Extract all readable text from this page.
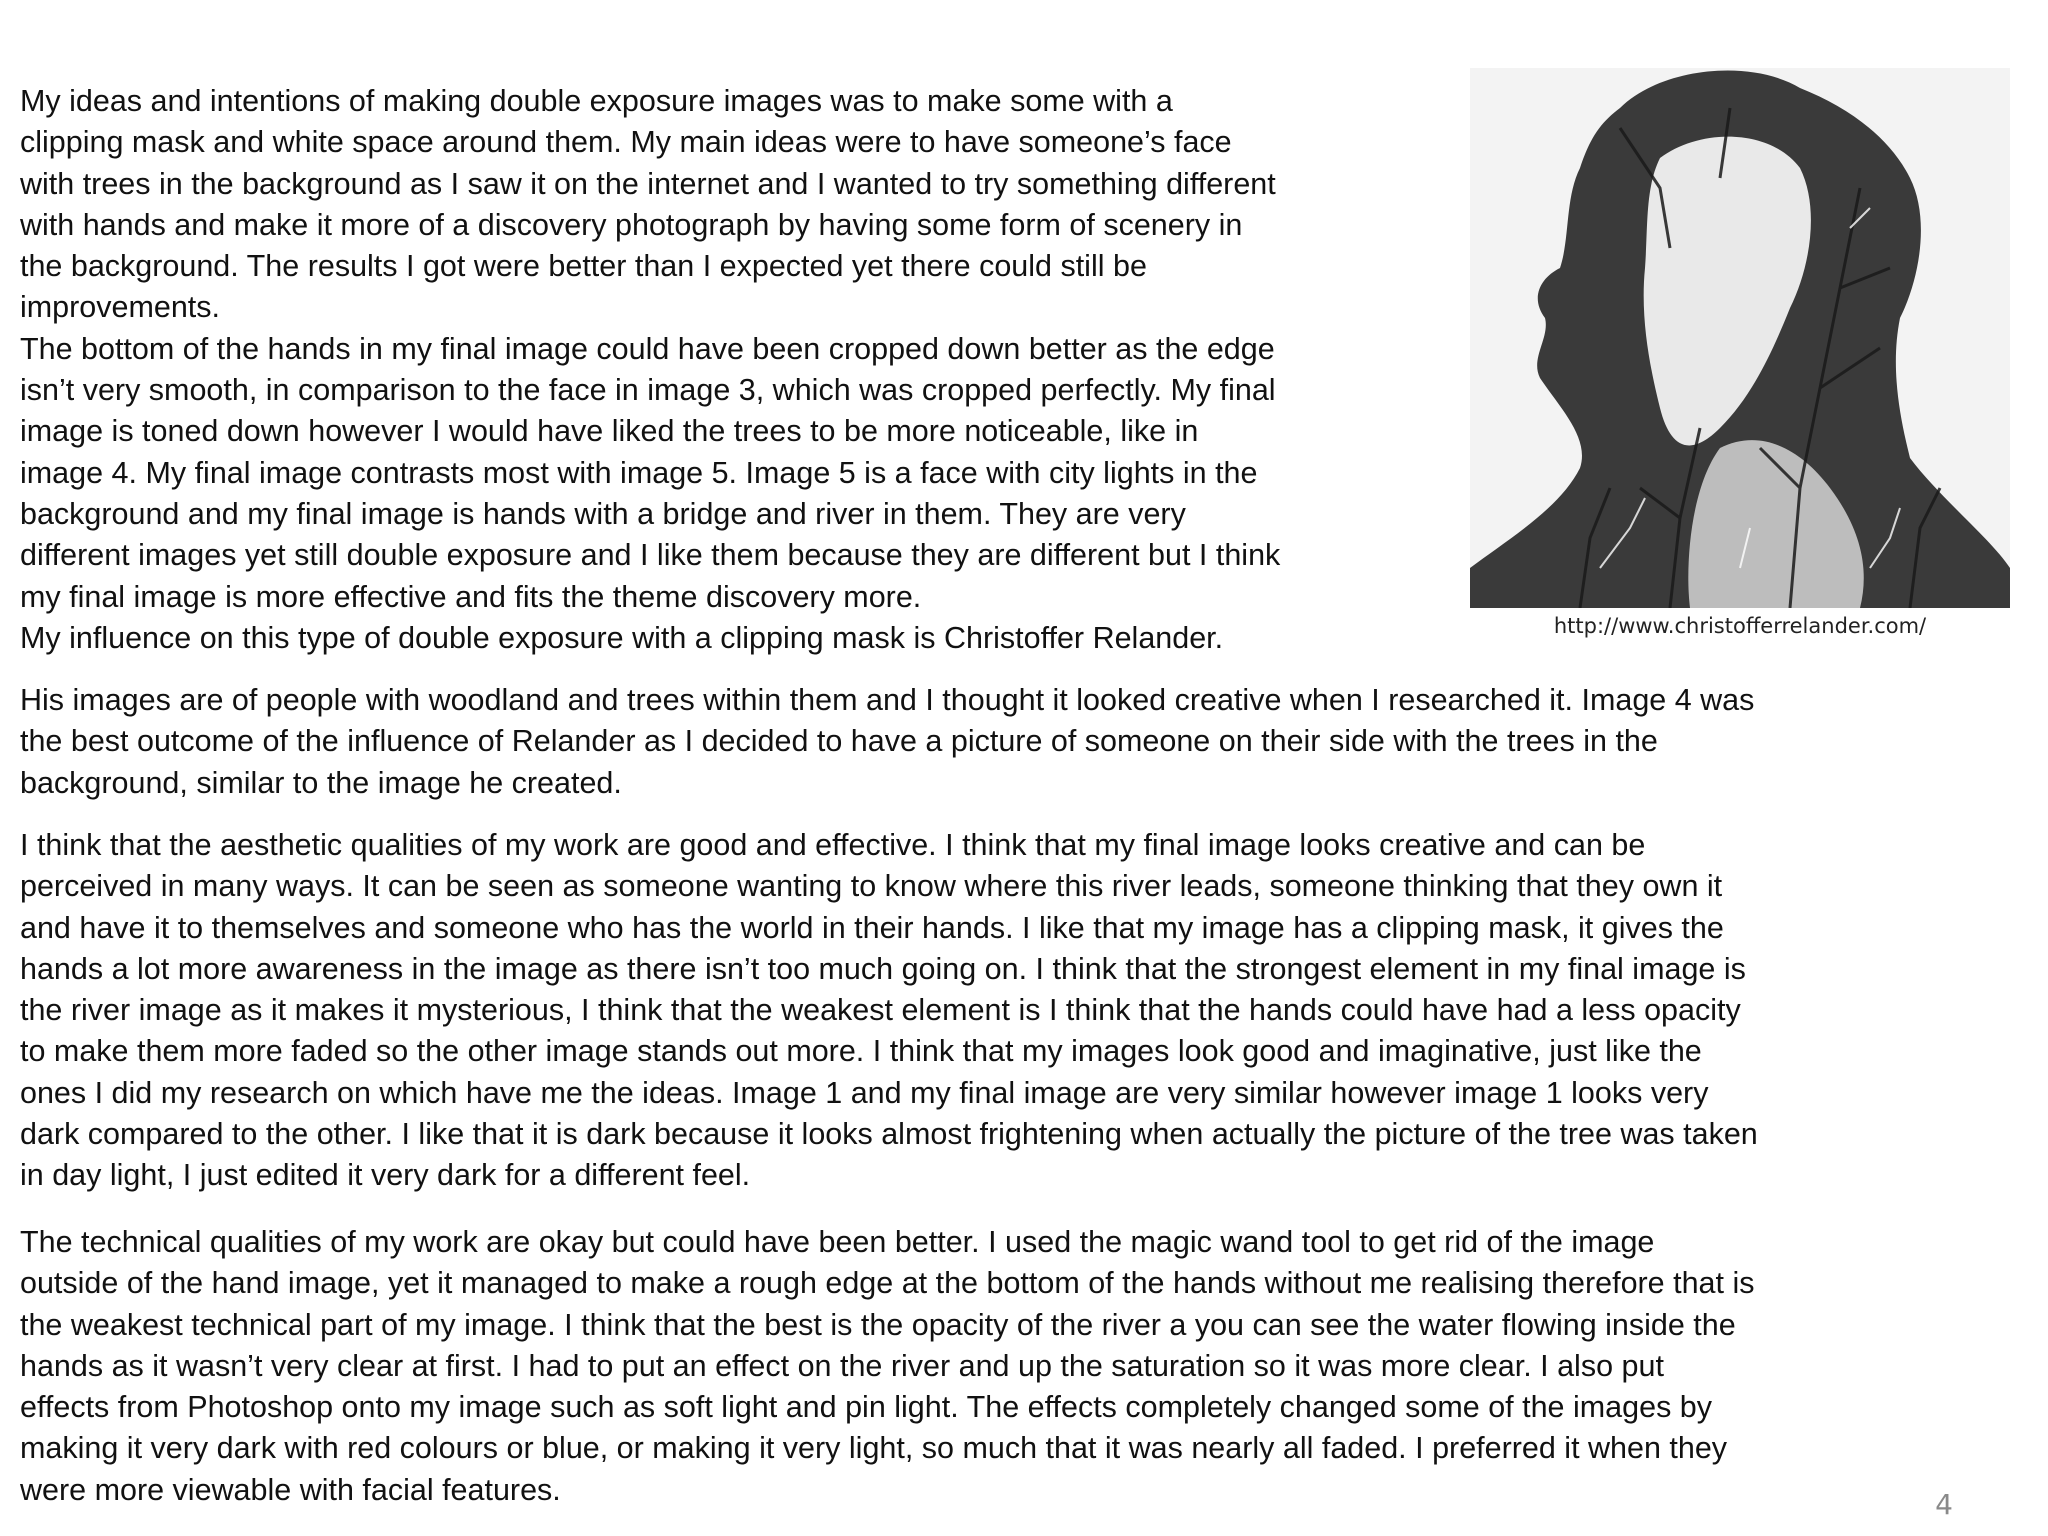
My ideas and intentions of making double exposure images was to make some with a
clipping mask and white space around them. My main ideas were to have someone’s face
with trees in the background as I saw it on the internet and I wanted to try something different
with hands and make it more of a discovery photograph by having some form of scenery in
the background. The results I got were better than I expected yet there could still be
improvements.
The bottom of the hands in my final image could have been cropped down better as the edge
isn’t very smooth, in comparison to the face in image 3, which was cropped perfectly. My final
image is toned down however I would have liked the trees to be more noticeable, like in
image 4. My final image contrasts most with image 5. Image 5 is a face with city lights in the
background and my final image is hands with a bridge and river in them. They are very
different images yet still double exposure and I like them because they are different but I think
my final image is more effective and fits the theme discovery more.
My influence on this type of double exposure with a clipping mask is Christoffer Relander.	http://www.christofferrelander.com/

His images are of people with woodland and trees within them and I thought it looked creative when I researched it. Image 4 was
the best outcome of the influence of Relander as I decided to have a picture of someone on their side with the trees in the
background, similar to the image he created.

I think that the aesthetic qualities of my work are good and effective. I think that my final image looks creative and can be
perceived in many ways. It can be seen as someone wanting to know where this river leads, someone thinking that they own it
and have it to themselves and someone who has the world in their hands. I like that my image has a clipping mask, it gives the
hands a lot more awareness in the image as there isn’t too much going on. I think that the strongest element in my final image is
the river image as it makes it mysterious, I think that the weakest element is I think that the hands could have had a less opacity
to make them more faded so the other image stands out more. I think that my images look good and imaginative, just like the
ones I did my research on which have me the ideas. Image 1 and my final image are very similar however image 1 looks very
dark compared to the other. I like that it is dark because it looks almost frightening when actually the picture of the tree was taken
in day light, I just edited it very dark for a different feel.

The technical qualities of my work are okay but could have been better. I used the magic wand tool to get rid of the image
outside of the hand image, yet it managed to make a rough edge at the bottom of the hands without me realising therefore that is
the weakest technical part of my image. I think that the best is the opacity of the river a you can see the water flowing inside the
hands as it wasn’t very clear at first. I had to put an effect on the river and up the saturation so it was more clear. I also put
effects from Photoshop onto my image such as soft light and pin light. The effects completely changed some of the images by
making it very dark with red colours or blue, or making it very light, so much that it was nearly all faded. I preferred it when they
were more viewable with facial features.	4
